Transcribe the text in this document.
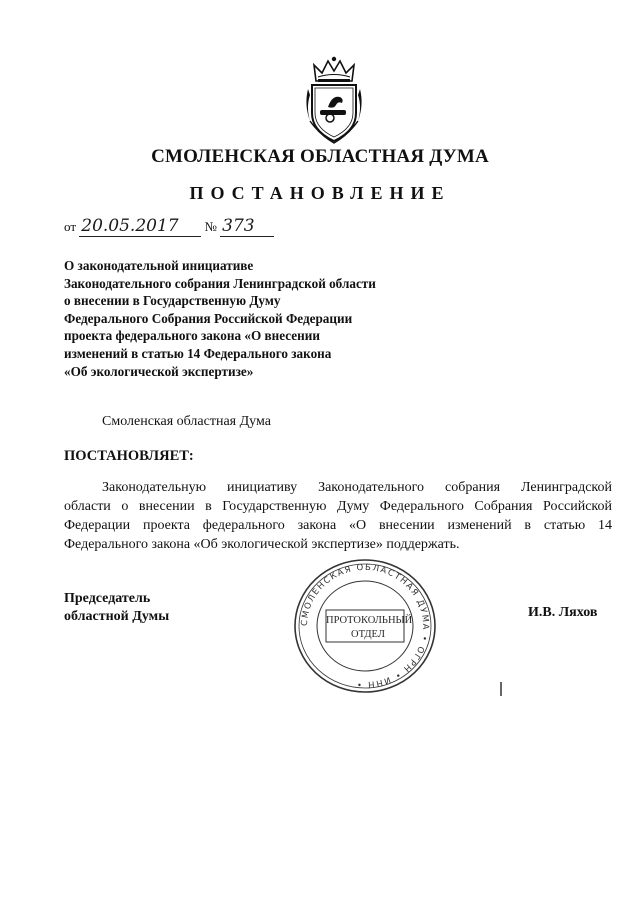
СМОЛЕНСКАЯ ОБЛАСТНАЯ ДУМА
ПОСТАНОВЛЕНИЕ
от 20.05.2017 № 373
О законодательной инициативе
Законодательного собрания Ленинградской области
о внесении в Государственную Думу
Федерального Собрания Российской Федерации
проекта федерального закона «О внесении
изменений в статью 14 Федерального закона
«Об экологической экспертизе»
Смоленская областная Дума
ПОСТАНОВЛЯЕТ:
Законодательную инициативу Законодательного собрания Ленинградской
области о внесении в Государственную Думу Федерального Собрания Российской
Федерации проекта федерального закона «О внесении изменений в статью 14
Федерального закона «Об экологической экспертизе» поддержать.
Председатель
областной Думы	И.В. Ляхов
СМОЛЕНСКАЯ ОБЛАСТНАЯ ДУМА • ОГРН • ИНН •
ПРОТОКОЛЬНЫЙ
ОТДЕЛ
